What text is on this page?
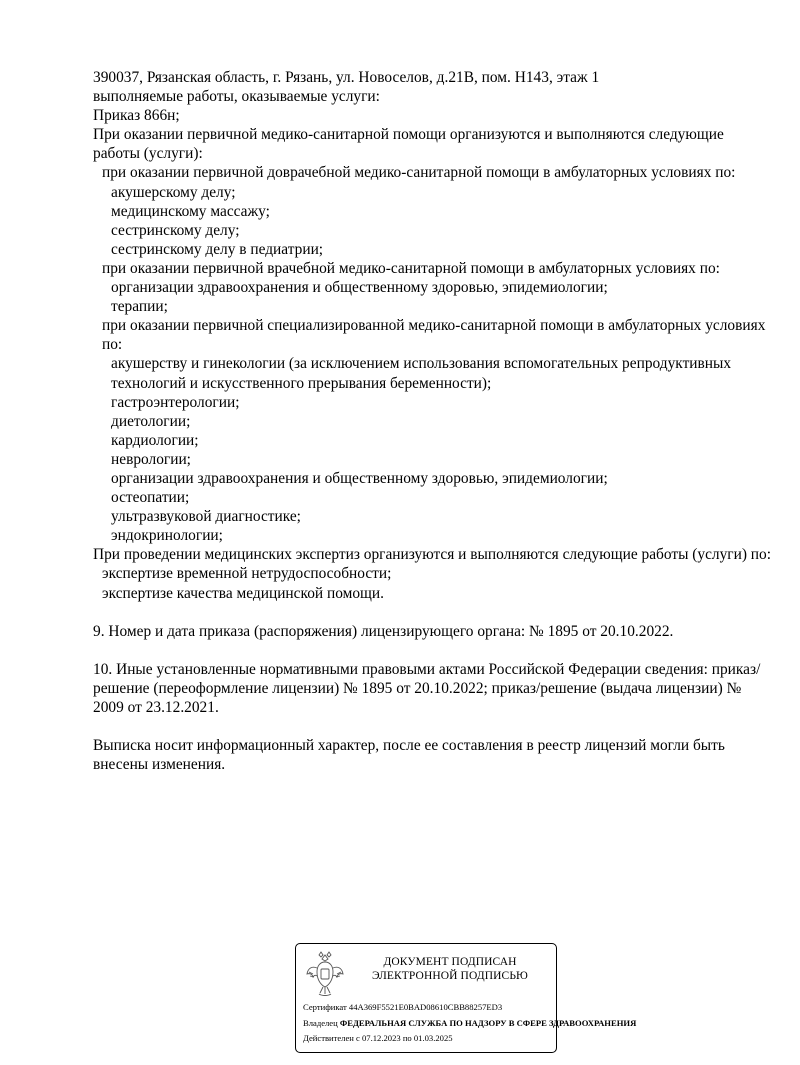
390037, Рязанская область, г. Рязань, ул. Новоселов, д.21В, пом. Н143, этаж 1

выполняемые работы, оказываемые услуги:

Приказ 866н;

При оказании первичной медико-санитарной помощи организуются и выполняются следующие работы (услуги):

при оказании первичной доврачебной медико-санитарной помощи в амбулаторных условиях по:

акушерскому делу;

медицинскому массажу;

сестринскому делу;

сестринскому делу в педиатрии;

при оказании первичной врачебной медико-санитарной помощи в амбулаторных условиях по:

организации здравоохранения и общественному здоровью, эпидемиологии;

терапии;

при оказании первичной специализированной медико-санитарной помощи в амбулаторных условиях по:

акушерству и гинекологии (за исключением использования вспомогательных репродуктивных технологий и искусственного прерывания беременности);

гастроэнтерологии;

диетологии;

кардиологии;

неврологии;

организации здравоохранения и общественному здоровью, эпидемиологии;

остеопатии;

ультразвуковой диагностике;

эндокринологии;

При проведении медицинских экспертиз организуются и выполняются следующие работы (услуги) по:

экспертизе временной нетрудоспособности;

экспертизе качества медицинской помощи.

9. Номер и дата приказа (распоряжения) лицензирующего органа: № 1895 от 20.10.2022.

10. Иные установленные нормативными правовыми актами Российской Федерации сведения: приказ/решение (переоформление лицензии) № 1895 от 20.10.2022; приказ/решение (выдача лицензии) № 2009 от 23.12.2021.

Выписка носит информационный характер, после ее составления в реестр лицензий могли быть внесены изменения.

ДОКУМЕНТ ПОДПИСАН
ЭЛЕКТРОННОЙ ПОДПИСЬЮ
Сертификат 44A369F5521E0BAD08610CBB88257ED3
Владелец ФЕДЕРАЛЬНАЯ СЛУЖБА ПО НАДЗОРУ В СФЕРЕ ЗДРАВООХРАНЕНИЯ
Действителен с 07.12.2023 по 01.03.2025
